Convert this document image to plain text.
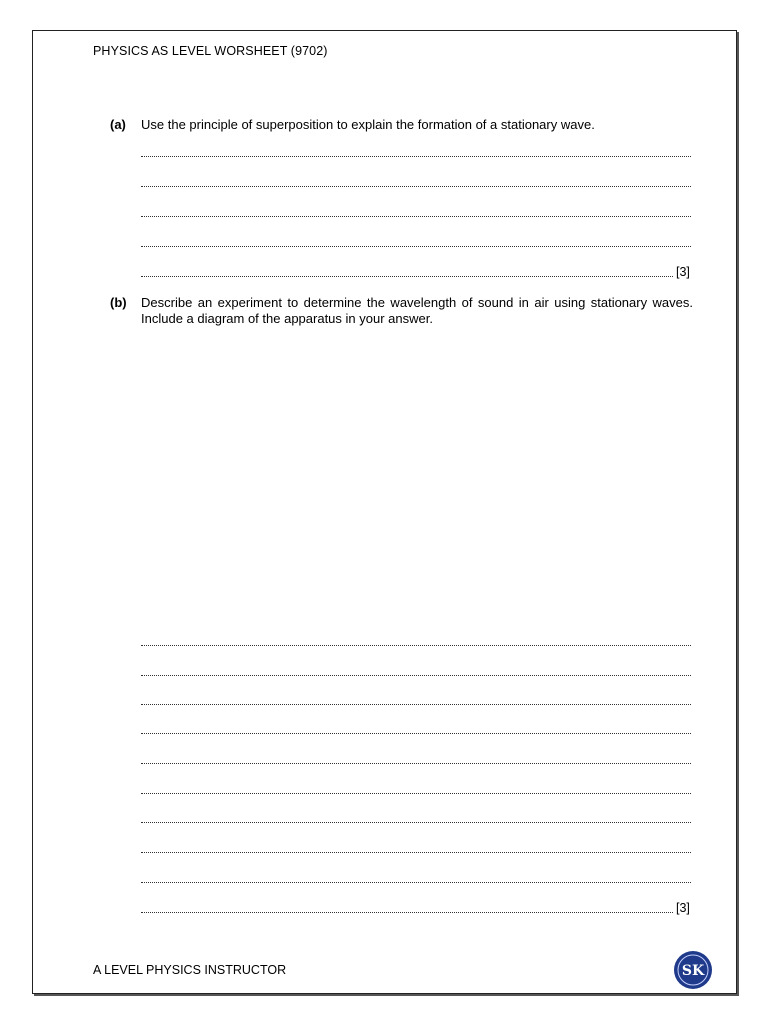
PHYSICS AS LEVEL WORSHEET (9702)
(a) Use the principle of superposition to explain the formation of a stationary wave.
[3]
(b) Describe an experiment to determine the wavelength of sound in air using stationary waves. Include a diagram of the apparatus in your answer.
[3]
A LEVEL PHYSICS INSTRUCTOR	SK
